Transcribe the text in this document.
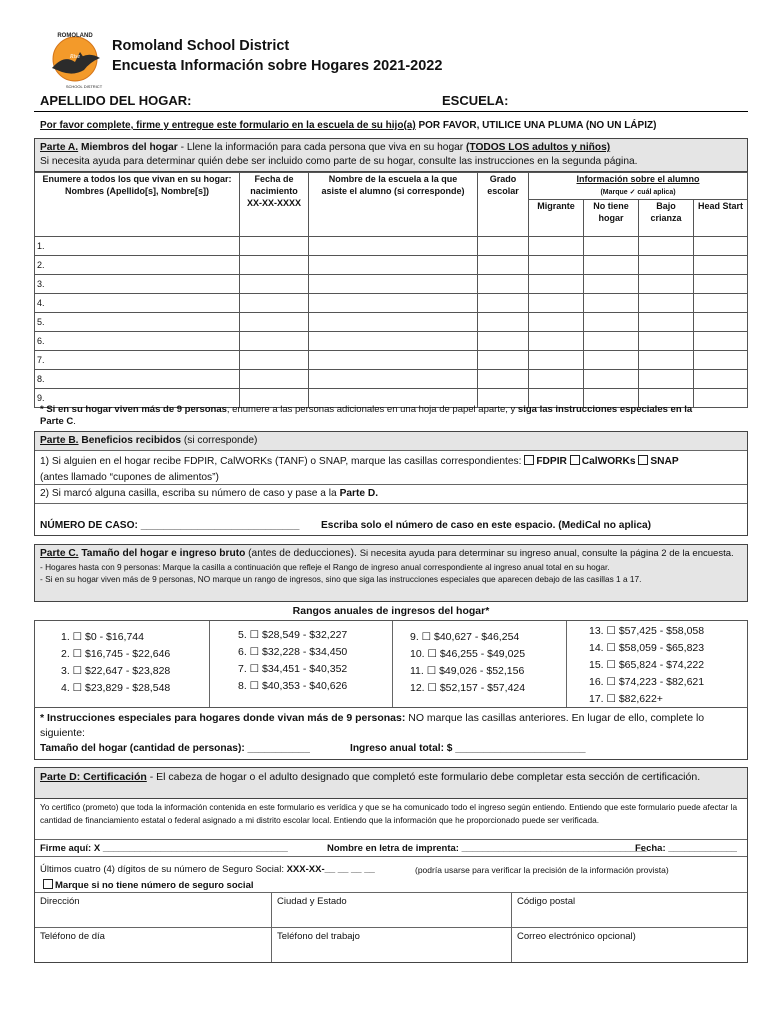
Rise
ROMOLAND
SCHOOL DISTRICT
Romoland School District
Encuesta Información sobre Hogares 2021-2022
APELLIDO DEL HOGAR:	ESCUELA:
Por favor complete, firme y entregue este formulario en la escuela de su hijo(a) POR FAVOR, UTILICE UNA PLUMA (NO UN LÁPIZ)
Parte A. Miembros del hogar - Llene la información para cada persona que viva en su hogar (TODOS LOS adultos y niños)
Si necesita ayuda para determinar quién debe ser incluido como parte de su hogar, consulte las instrucciones en la segunda página.
Enumere a todos los que vivan en su hogar:
Nombres (Apellido[s], Nombre[s])	Fecha de
nacimiento
XX-XX-XXXX	Nombre de la escuela a la que
asiste el alumno (si corresponde)	Grado
escolar	Información sobre el alumno
(Marque ✓ cuál aplica)			
				Migrante	No tiene
hogar	Bajo
crianza	Head Start
1.							
2.							
3.							
4.							
5.							
6.							
7.							
8.							
9.							
* Si en su hogar viven más de 9 personas, enumere a las personas adicionales en una hoja de papel aparte, y siga las instrucciones especiales en la
Parte C.
Parte B. Beneficios recibidos (si corresponde)
1) Si alguien en el hogar recibe FDPIR, CalWORKs (TANF) o SNAP, marque las casillas correspondientes: FDPIR CalWORKs SNAP
(antes llamado “cupones de alimentos”)
2) Si marcó alguna casilla, escriba su número de caso y pase a la Parte D.
NÚMERO DE CASO: ____________________________ Escriba solo el número de caso en este espacio. (MediCal no aplica)
Parte C. Tamaño del hogar e ingreso bruto (antes de deducciones). Si necesita ayuda para determinar su ingreso anual, consulte la página 2 de la encuesta.
- Hogares hasta con 9 personas: Marque la casilla a continuación que refleje el Rango de ingreso anual correspondiente al ingreso anual total en su hogar.
- Si en su hogar viven más de 9 personas, NO marque un rango de ingresos, sino que siga las instrucciones especiales que aparecen debajo de las casillas 1 a 17.
Rangos anuales de ingresos del hogar*
1. ☐ $0 - $16,744
2. ☐ $16,745 - $22,646
3. ☐ $22,647 - $23,828
4. ☐ $23,829 - $28,548
5. ☐ $28,549 - $32,227
6. ☐ $32,228 - $34,450
7. ☐ $34,451 - $40,352
8. ☐ $40,353 - $40,626
9. ☐ $40,627 - $46,254
10. ☐ $46,255 - $49,025
11. ☐ $49,026 - $52,156
12. ☐ $52,157 - $57,424
13. ☐ $57,425 - $58,058
14. ☐ $58,059 - $65,823
15. ☐ $65,824 - $74,222
16. ☐ $74,223 - $82,621
17. ☐ $82,622+
* Instrucciones especiales para hogares donde vivan más de 9 personas: NO marque las casillas anteriores. En lugar de ello, complete lo siguiente:
Tamaño del hogar (cantidad de personas): ___________	Ingreso anual total: $ _______________________
Parte D: Certificación - El cabeza de hogar o el adulto designado que completó este formulario debe completar esta sección de certificación.
Yo certifico (prometo) que toda la información contenida en este formulario es verídica y que se ha comunicado todo el ingreso según entiendo. Entiendo que este formulario puede afectar la cantidad de financiamiento estatal o federal asignado a mi distrito escolar local. Entiendo que la información que he proporcionado puede ser verificada.
Firme aquí: X ___________________________________	Nombre en letra de imprenta: ___________________________________
Fecha: _____________
Últimos cuatro (4) dígitos de su número de Seguro Social: XXX-XX-__ __ __ __	(podría usarse para verificar la precisión de la información provista)
Marque si no tiene número de seguro social
Dirección	Ciudad y Estado	Código postal
Teléfono de día	Teléfono del trabajo	Correo electrónico opcional)
